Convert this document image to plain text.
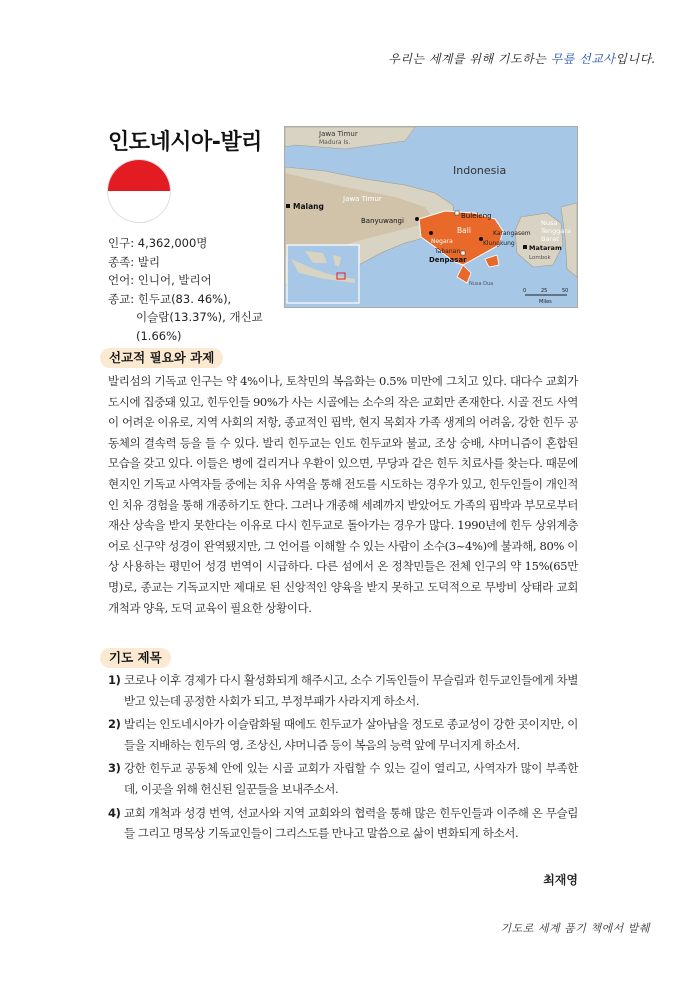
우리는 세계를 위해 기도하는 무릎 선교사입니다.
인도네시아-발리
인구: 4,362,000명
종족: 발리
언어: 인니어, 발리어
종교: 힌두교(83. 46%),
이슬람(13.37%), 개신교(1.66%)
Jawa Timur
Madura Is.
Indonesia
Jawa Timur
Malang
Banyuwangi
Buleleng
Bali
Negara
Tabanan
Klungkung
Karangasem
Denpasar
Nusa
Tenggara
Barat
Mataram
Lombok
Nusa Dua
0	25	50
Miles
선교적 필요와 과제
발리섬의 기독교 인구는 약 4%이나, 토착민의 복음화는 0.5% 미만에 그치고 있다. 대다수 교회가 도시에 집중돼 있고, 힌두인들 90%가 사는 시골에는 소수의 작은 교회만 존재한다. 시골 전도 사역이 어려운 이유로, 지역 사회의 저항, 종교적인 핍박, 현지 목회자 가족 생계의 어려움, 강한 힌두 공동체의 결속력 등을 들 수 있다. 발리 힌두교는 인도 힌두교와 불교, 조상 숭배, 샤머니즘이 혼합된 모습을 갖고 있다. 이들은 병에 걸리거나 우환이 있으면, 무당과 같은 힌두 치료사를 찾는다. 때문에 현지인 기독교 사역자들 중에는 치유 사역을 통해 전도를 시도하는 경우가 있고, 힌두인들이 개인적인 치유 경험을 통해 개종하기도 한다. 그러나 개종해 세례까지 받았어도 가족의 핍박과 부모로부터 재산 상속을 받지 못한다는 이유로 다시 힌두교로 돌아가는 경우가 많다. 1990년에 힌두 상위계층어로 신구약 성경이 완역됐지만, 그 언어를 이해할 수 있는 사람이 소수(3~4%)에 불과해, 80% 이상 사용하는 평민어 성경 번역이 시급하다. 다른 섬에서 온 정착민들은 전체 인구의 약 15%(65만 명)로, 종교는 기독교지만 제대로 된 신앙적인 양육을 받지 못하고 도덕적으로 무방비 상태라 교회 개척과 양육, 도덕 교육이 필요한 상황이다.
기도 제목
1) 코로나 이후 경제가 다시 활성화되게 해주시고, 소수 기독인들이 무슬림과 힌두교인들에게 차별받고 있는데 공정한 사회가 되고, 부정부패가 사라지게 하소서.
2) 발리는 인도네시아가 이슬람화될 때에도 힌두교가 살아남을 정도로 종교성이 강한 곳이지만, 이들을 지배하는 힌두의 영, 조상신, 샤머니즘 등이 복음의 능력 앞에 무너지게 하소서.
3) 강한 힌두교 공동체 안에 있는 시골 교회가 자립할 수 있는 길이 열리고, 사역자가 많이 부족한데, 이곳을 위해 헌신된 일꾼들을 보내주소서.
4) 교회 개척과 성경 번역, 선교사와 지역 교회와의 협력을 통해 많은 힌두인들과 이주해 온 무슬림들 그리고 명목상 기독교인들이 그리스도를 만나고 말씀으로 삶이 변화되게 하소서.
최재영
기도로 세계 품기 책에서 발췌
